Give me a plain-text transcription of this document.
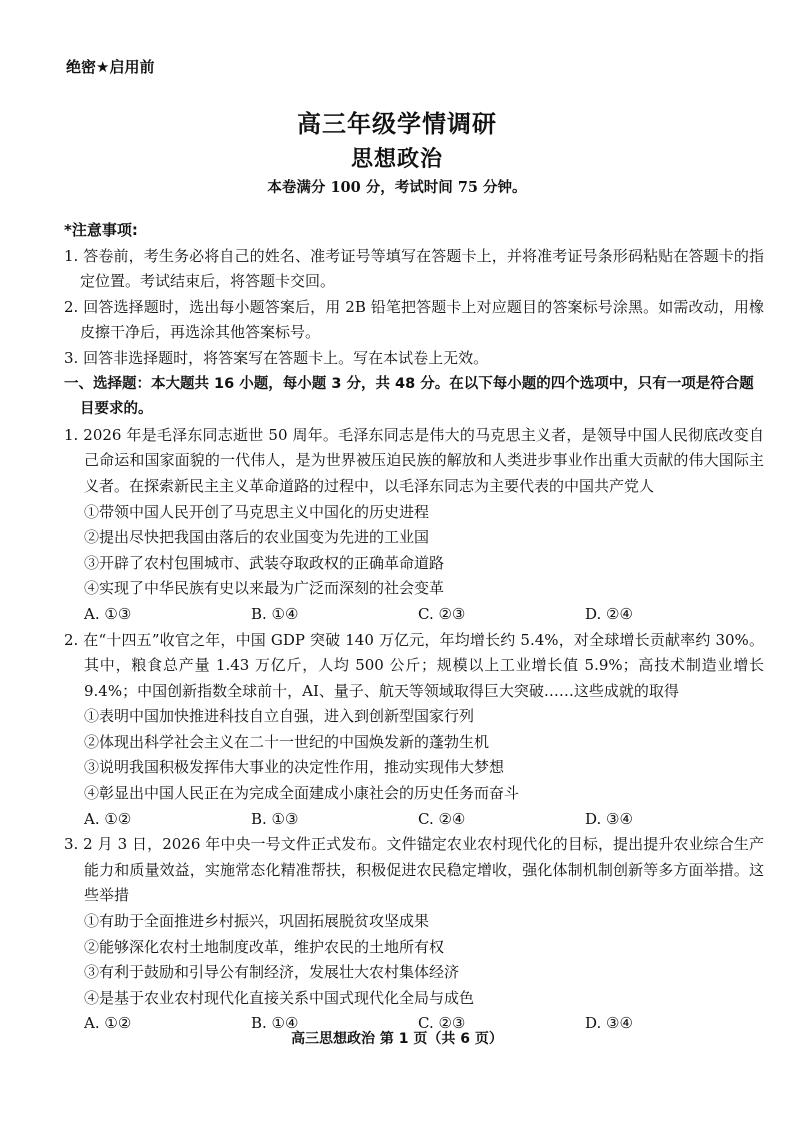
绝密★启用前
高三年级学情调研
思想政治
本卷满分 100 分，考试时间 75 分钟。
*注意事项:

1. 答卷前，考生务必将自己的姓名、准考证号等填写在答题卡上，并将准考证号条形码粘贴在答题卡的指定位置。考试结束后，将答题卡交回。

2. 回答选择题时，选出每小题答案后，用 2B 铅笔把答题卡上对应题目的答案标号涂黑。如需改动，用橡皮擦干净后，再选涂其他答案标号。

3. 回答非选择题时，将答案写在答题卡上。写在本试卷上无效。

一、选择题：本大题共 16 小题，每小题 3 分，共 48 分。在以下每小题的四个选项中，只有一项是符合题目要求的。

1. 2026 年是毛泽东同志逝世 50 周年。毛泽东同志是伟大的马克思主义者，是领导中国人民彻底改变自己命运和国家面貌的一代伟人，是为世界被压迫民族的解放和人类进步事业作出重大贡献的伟大国际主义者。在探索新民主主义革命道路的过程中，以毛泽东同志为主要代表的中国共产党人

①带领中国人民开创了马克思主义中国化的历史进程

②提出尽快把我国由落后的农业国变为先进的工业国

③开辟了农村包围城市、武装夺取政权的正确革命道路

④实现了中华民族有史以来最为广泛而深刻的社会变革

A. ①③	B. ①④	C. ②③	D. ②④

2. 在“十四五”收官之年，中国 GDP 突破 140 万亿元，年均增长约 5.4%，对全球增长贡献率约 30%。其中，粮食总产量 1.43 万亿斤，人均 500 公斤；规模以上工业增长值 5.9%；高技术制造业增长 9.4%；中国创新指数全球前十，AI、量子、航天等领域取得巨大突破……这些成就的取得

①表明中国加快推进科技自立自强，进入到创新型国家行列

②体现出科学社会主义在二十一世纪的中国焕发新的蓬勃生机

③说明我国积极发挥伟大事业的决定性作用，推动实现伟大梦想

④彰显出中国人民正在为完成全面建成小康社会的历史任务而奋斗

A. ①②	B. ①③	C. ②④	D. ③④

3. 2 月 3 日，2026 年中央一号文件正式发布。文件锚定农业农村现代化的目标，提出提升农业综合生产能力和质量效益，实施常态化精准帮扶，积极促进农民稳定增收，强化体制机制创新等多方面举措。这些举措

①有助于全面推进乡村振兴，巩固拓展脱贫攻坚成果

②能够深化农村土地制度改革，维护农民的土地所有权

③有利于鼓励和引导公有制经济，发展壮大农村集体经济

④是基于农业农村现代化直接关系中国式现代化全局与成色

A. ①②	B. ①④	C. ②③	D. ③④
高三思想政治 第 1 页（共 6 页）
